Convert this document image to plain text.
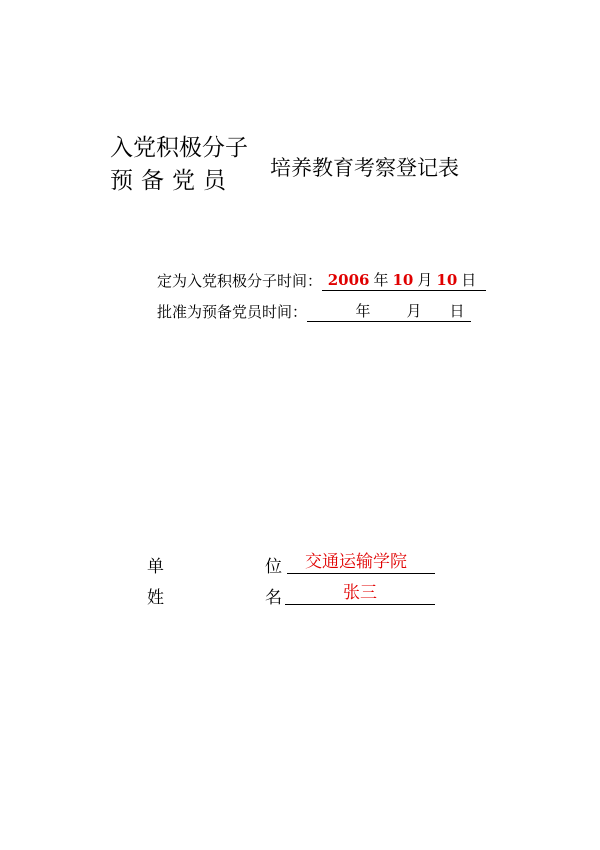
入党积极分子
预备党员	培养教育考察登记表
定为入党积极分子时间： 2006 年 10 月 10 日
批准为预备党员时间：	年 月 日
单	位	交通运输学院
姓	名	张三
